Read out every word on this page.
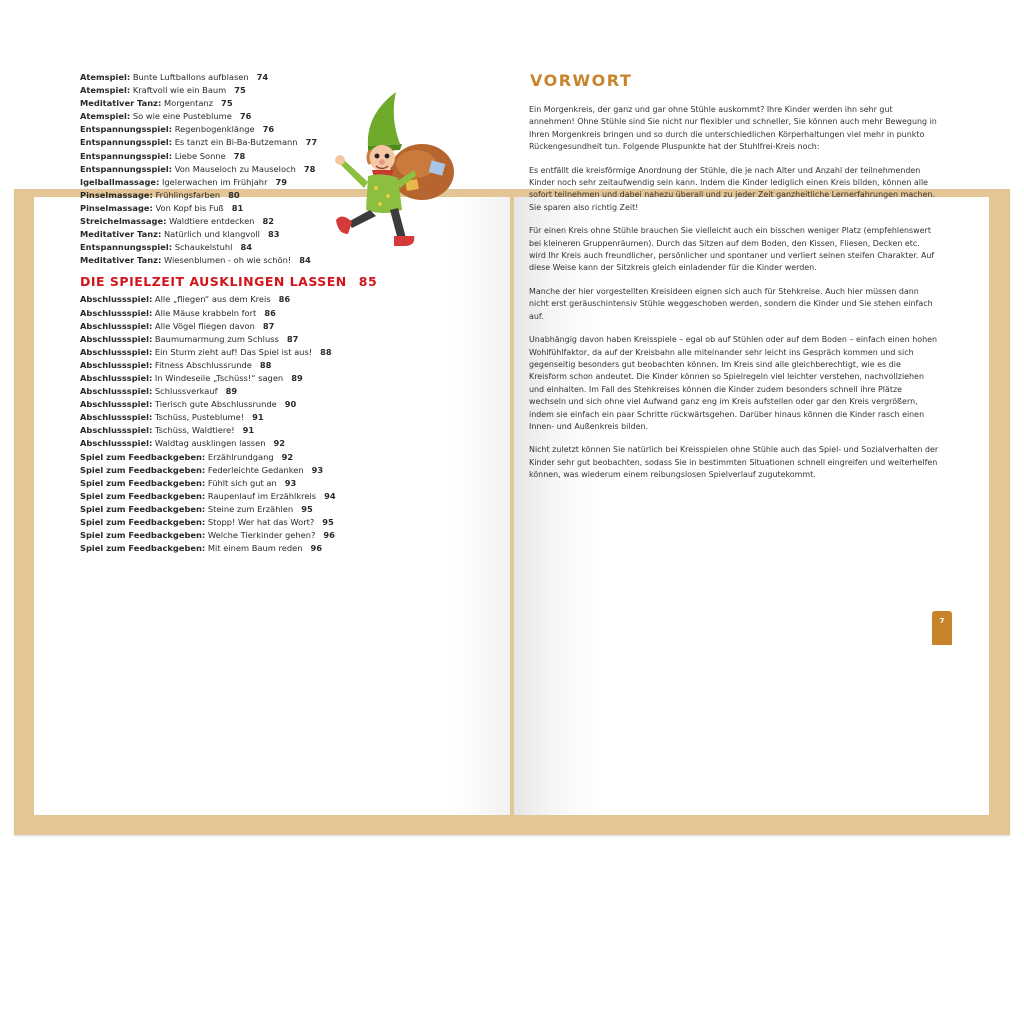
Atemspiel: Bunte Luftballons aufblasen 74
Atemspiel: Kraftvoll wie ein Baum 75
Meditativer Tanz: Morgentanz 75
Atemspiel: So wie eine Pusteblume 76
Entspannungsspiel: Regenbogenklänge 76
Entspannungsspiel: Es tanzt ein Bi-Ba-Butzemann 77
Entspannungsspiel: Liebe Sonne 78
Entspannungsspiel: Von Mauseloch zu Mauseloch 78
Igelballmassage: Igelerwachen im Frühjahr 79
Pinselmassage: Frühlingsfarben 80
Pinselmassage: Von Kopf bis Fuß 81
Streichelmassage: Waldtiere entdecken 82
Meditativer Tanz: Natürlich und klangvoll 83
Entspannungsspiel: Schaukelstuhl 84
Meditativer Tanz: Wiesenblumen - oh wie schön! 84
DIE SPIELZEIT AUSKLINGEN LASSEN 85
Abschlussspiel: Alle „fliegen“ aus dem Kreis 86
Abschlussspiel: Alle Mäuse krabbeln fort 86
Abschlussspiel: Alle Vögel fliegen davon 87
Abschlussspiel: Baumumarmung zum Schluss 87
Abschlussspiel: Ein Sturm zieht auf! Das Spiel ist aus! 88
Abschlussspiel: Fitness Abschlussrunde 88
Abschlussspiel: In Windeseile „Tschüss!“ sagen 89
Abschlussspiel: Schlussverkauf 89
Abschlussspiel: Tierisch gute Abschlussrunde 90
Abschlussspiel: Tschüss, Pusteblume! 91
Abschlussspiel: Tschüss, Waldtiere! 91
Abschlussspiel: Waldtag ausklingen lassen 92
Spiel zum Feedbackgeben: Erzählrundgang 92
Spiel zum Feedbackgeben: Federleichte Gedanken 93
Spiel zum Feedbackgeben: Fühlt sich gut an 93
Spiel zum Feedbackgeben: Raupenlauf im Erzählkreis 94
Spiel zum Feedbackgeben: Steine zum Erzählen 95
Spiel zum Feedbackgeben: Stopp! Wer hat das Wort? 95
Spiel zum Feedbackgeben: Welche Tierkinder gehen? 96
Spiel zum Feedbackgeben: Mit einem Baum reden 96
VORWORT

Ein Morgenkreis, der ganz und gar ohne Stühle auskommt? Ihre Kinder werden ihn sehr gut annehmen! Ohne Stühle sind Sie nicht nur flexibler und schneller, Sie können auch mehr Bewegung in Ihren Morgenkreis bringen und so durch die unterschiedlichen Körperhaltungen viel mehr in punkto Rückengesundheit tun. Folgende Pluspunkte hat der Stuhlfrei-Kreis noch:

Es entfällt die kreisförmige Anordnung der Stühle, die je nach Alter und Anzahl der teilnehmenden Kinder noch sehr zeitaufwendig sein kann. Indem die Kinder lediglich einen Kreis bilden, können alle sofort teilnehmen und dabei nahezu überall und zu jeder Zeit ganzheitliche Lernerfahrungen machen. Sie sparen also richtig Zeit!

Für einen Kreis ohne Stühle brauchen Sie vielleicht auch ein bisschen weniger Platz (empfehlenswert bei kleineren Gruppenräumen). Durch das Sitzen auf dem Boden, den Kissen, Fliesen, Decken etc. wird Ihr Kreis auch freundlicher, persönlicher und spontaner und verliert seinen steifen Charakter. Auf diese Weise kann der Sitzkreis gleich einladender für die Kinder werden.

Manche der hier vorgestellten Kreisideen eignen sich auch für Stehkreise. Auch hier müssen dann nicht erst geräuschintensiv Stühle weggeschoben werden, sondern die Kinder und Sie stehen einfach auf.

Unabhängig davon haben Kreisspiele – egal ob auf Stühlen oder auf dem Boden – einfach einen hohen Wohlfühlfaktor, da auf der Kreisbahn alle miteinander sehr leicht ins Gespräch kommen und sich gegenseitig besonders gut beobachten können. Im Kreis sind alle gleichberechtigt, wie es die Kreisform schon andeutet. Die Kinder können so Spielregeln viel leichter verstehen, nachvollziehen und einhalten. Im Fall des Stehkreises können die Kinder zudem besonders schnell ihre Plätze wechseln und sich ohne viel Aufwand ganz eng im Kreis aufstellen oder gar den Kreis vergrößern, indem sie einfach ein paar Schritte rückwärtsgehen. Darüber hinaus können die Kinder rasch einen Innen- und Außenkreis bilden.

Nicht zuletzt können Sie natürlich bei Kreisspielen ohne Stühle auch das Spiel- und Sozialverhalten der Kinder sehr gut beobachten, sodass Sie in bestimmten Situationen schnell eingreifen und weiterhelfen können, was wiederum einem reibungslosen Spielverlauf zugutekommt.

7
